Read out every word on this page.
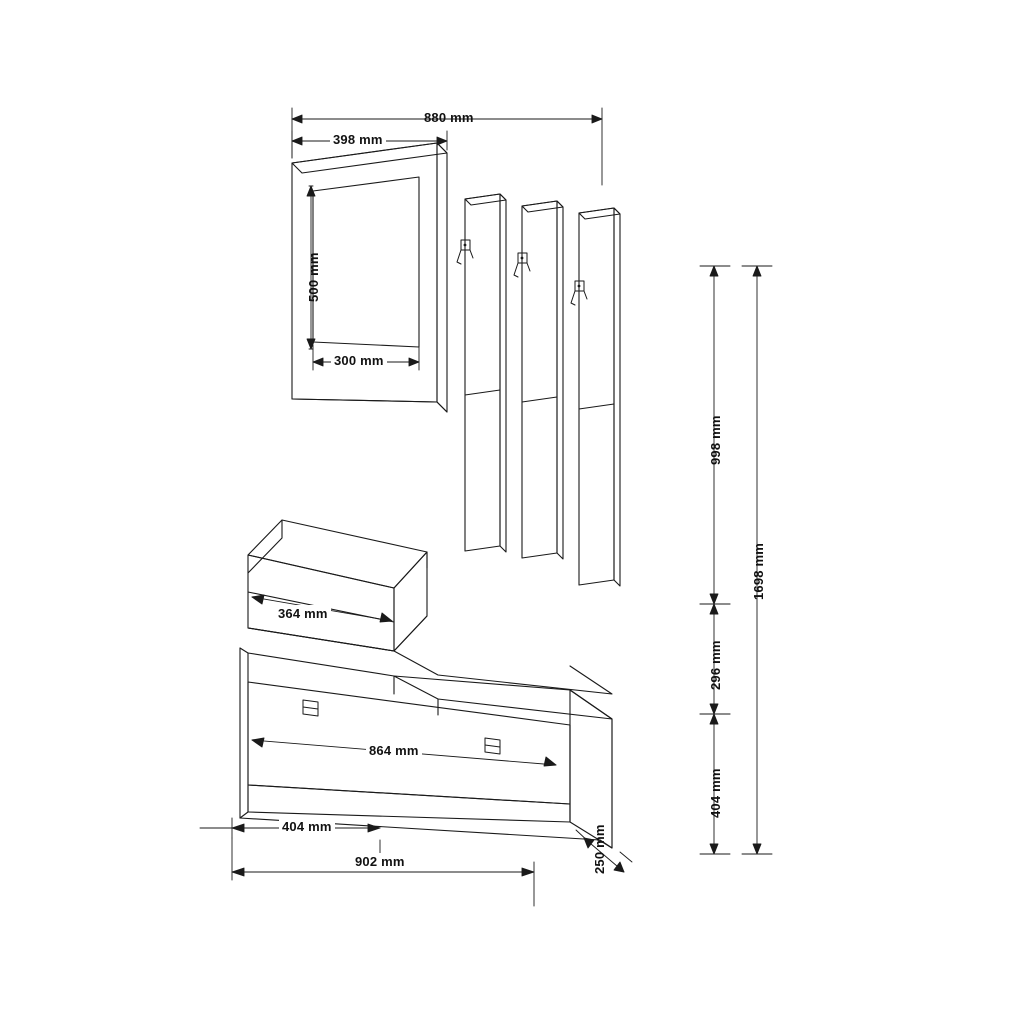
880 mm
398 mm
500 mm
300 mm
998 mm
296 mm
404 mm
1698 mm
364 mm
864 mm
404 mm
902 mm	250 mm
